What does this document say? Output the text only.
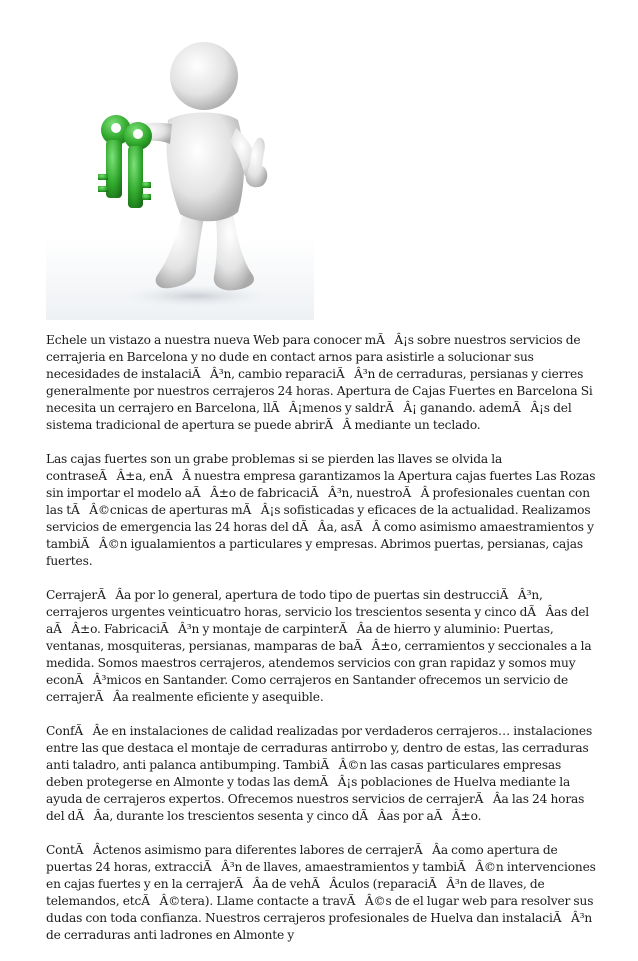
Echele un vistazo a nuestra nueva Web para conocer mÃÂ¡s sobre nuestros servicios de cerrajeria en Barcelona y no dude en contact arnos para asistirle a solucionar sus necesidades de instalaciÃÂ³n, cambio reparaciÃÂ³n de cerraduras, persianas y cierres generalmente por nuestros cerrajeros 24 horas. Apertura de Cajas Fuertes en Barcelona Si necesita un cerrajero en Barcelona, llÃÂ¡menos y saldrÃÂ¡ ganando. ademÃÂ¡s del sistema tradicional de apertura se puede abrirÃÂ mediante un teclado.

Las cajas fuertes son un grabe problemas si se pierden las llaves se olvida la contraseÃÂ±a, enÃÂ nuestra empresa garantizamos la Apertura cajas fuertes Las Rozas sin importar el modelo aÃÂ±o de fabricaciÃÂ³n, nuestroÃÂ profesionales cuentan con las tÃÂ©cnicas de aperturas mÃÂ¡s sofisticadas y eficaces de la actualidad. Realizamos servicios de emergencia las 24 horas del dÃÂa, asÃÂ como asimismo amaestramientos y tambiÃÂ©n igualamientos a particulares y empresas. Abrimos puertas, persianas, cajas fuertes.

CerrajerÃÂa por lo general, apertura de todo tipo de puertas sin destrucciÃÂ³n, cerrajeros urgentes veinticuatro horas, servicio los trescientos sesenta y cinco dÃÂas del aÃÂ±o. FabricaciÃÂ³n y montaje de carpinterÃÂa de hierro y aluminio: Puertas, ventanas, mosquiteras, persianas, mamparas de baÃÂ±o, cerramientos y seccionales a la medida. Somos maestros cerrajeros, atendemos servicios con gran rapidaz y somos muy econÃÂ³micos en Santander. Como cerrajeros en Santander ofrecemos un servicio de cerrajerÃÂa realmente eficiente y asequible.

ConfÃÂe en instalaciones de calidad realizadas por verdaderos cerrajeros… instalaciones entre las que destaca el montaje de cerraduras antirrobo y, dentro de estas, las cerraduras anti taladro, anti palanca antibumping. TambiÃÂ©n las casas particulares empresas deben protegerse en Almonte y todas las demÃÂ¡s poblaciones de Huelva mediante la ayuda de cerrajeros expertos. Ofrecemos nuestros servicios de cerrajerÃÂa las 24 horas del dÃÂa, durante los trescientos sesenta y cinco dÃÂas por aÃÂ±o.

ContÃÂctenos asimismo para diferentes labores de cerrajerÃÂa como apertura de puertas 24 horas, extracciÃÂ³n de llaves, amaestramientos y tambiÃÂ©n intervenciones en cajas fuertes y en la cerrajerÃÂa de vehÃÂculos (reparaciÃÂ³n de llaves, de telemandos, etcÃÂ©tera). Llame contacte a travÃÂ©s de el lugar web para resolver sus dudas con toda confianza. Nuestros cerrajeros profesionales de Huelva dan instalaciÃÂ³n de cerraduras anti ladrones en Almonte y
